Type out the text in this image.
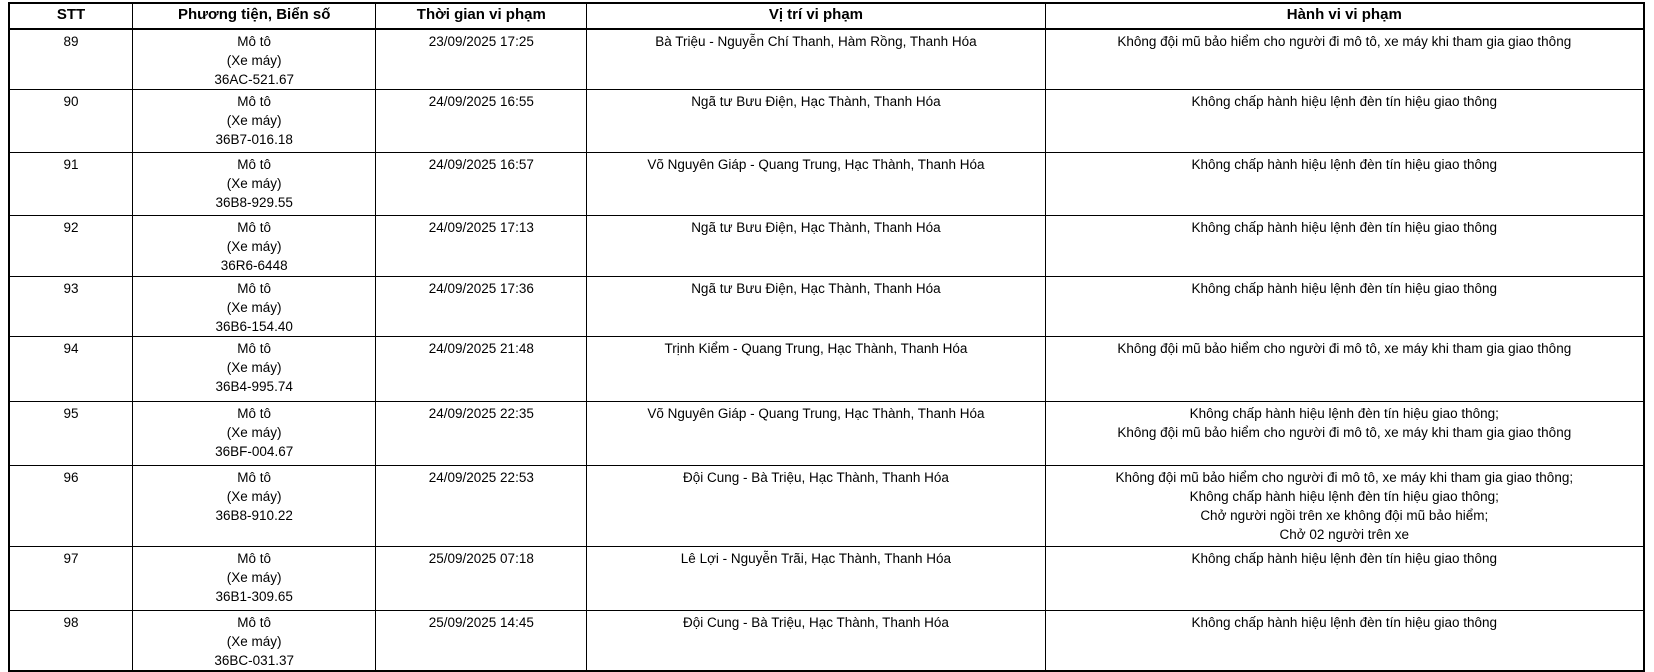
STT	Phương tiện, Biển số	Thời gian vi phạm	Vị trí vi phạm	Hành vi vi phạm

89	Mô tô
(Xe máy)
36AC-521.67	23/09/2025 17:25	Bà Triệu - Nguyễn Chí Thanh, Hàm Rồng, Thanh Hóa	Không đội mũ bảo hiểm cho người đi mô tô, xe máy khi tham gia giao thông

90	Mô tô
(Xe máy)
36B7-016.18	24/09/2025 16:55	Ngã tư Bưu Điện, Hạc Thành, Thanh Hóa	Không chấp hành hiệu lệnh đèn tín hiệu giao thông

91	Mô tô
(Xe máy)
36B8-929.55	24/09/2025 16:57	Võ Nguyên Giáp - Quang Trung, Hạc Thành, Thanh Hóa	Không chấp hành hiệu lệnh đèn tín hiệu giao thông

92	Mô tô
(Xe máy)
36R6-6448	24/09/2025 17:13	Ngã tư Bưu Điện, Hạc Thành, Thanh Hóa	Không chấp hành hiệu lệnh đèn tín hiệu giao thông

93	Mô tô
(Xe máy)
36B6-154.40	24/09/2025 17:36	Ngã tư Bưu Điện, Hạc Thành, Thanh Hóa	Không chấp hành hiệu lệnh đèn tín hiệu giao thông

94	Mô tô
(Xe máy)
36B4-995.74	24/09/2025 21:48	Trịnh Kiểm - Quang Trung, Hạc Thành, Thanh Hóa	Không đội mũ bảo hiểm cho người đi mô tô, xe máy khi tham gia giao thông

95	Mô tô
(Xe máy)
36BF-004.67	24/09/2025 22:35	Võ Nguyên Giáp - Quang Trung, Hạc Thành, Thanh Hóa	Không chấp hành hiệu lệnh đèn tín hiệu giao thông;
Không đội mũ bảo hiểm cho người đi mô tô, xe máy khi tham gia giao thông

96	Mô tô
(Xe máy)
36B8-910.22	24/09/2025 22:53	Đội Cung - Bà Triệu, Hạc Thành, Thanh Hóa	Không đội mũ bảo hiểm cho người đi mô tô, xe máy khi tham gia giao thông;
Không chấp hành hiệu lệnh đèn tín hiệu giao thông;
Chở người ngồi trên xe không đội mũ bảo hiểm;
Chở 02 người trên xe

97	Mô tô
(Xe máy)
36B1-309.65	25/09/2025 07:18	Lê Lợi - Nguyễn Trãi, Hạc Thành, Thanh Hóa	Không chấp hành hiệu lệnh đèn tín hiệu giao thông

98	Mô tô
(Xe máy)
36BC-031.37	25/09/2025 14:45	Đội Cung - Bà Triệu, Hạc Thành, Thanh Hóa	Không chấp hành hiệu lệnh đèn tín hiệu giao thông
